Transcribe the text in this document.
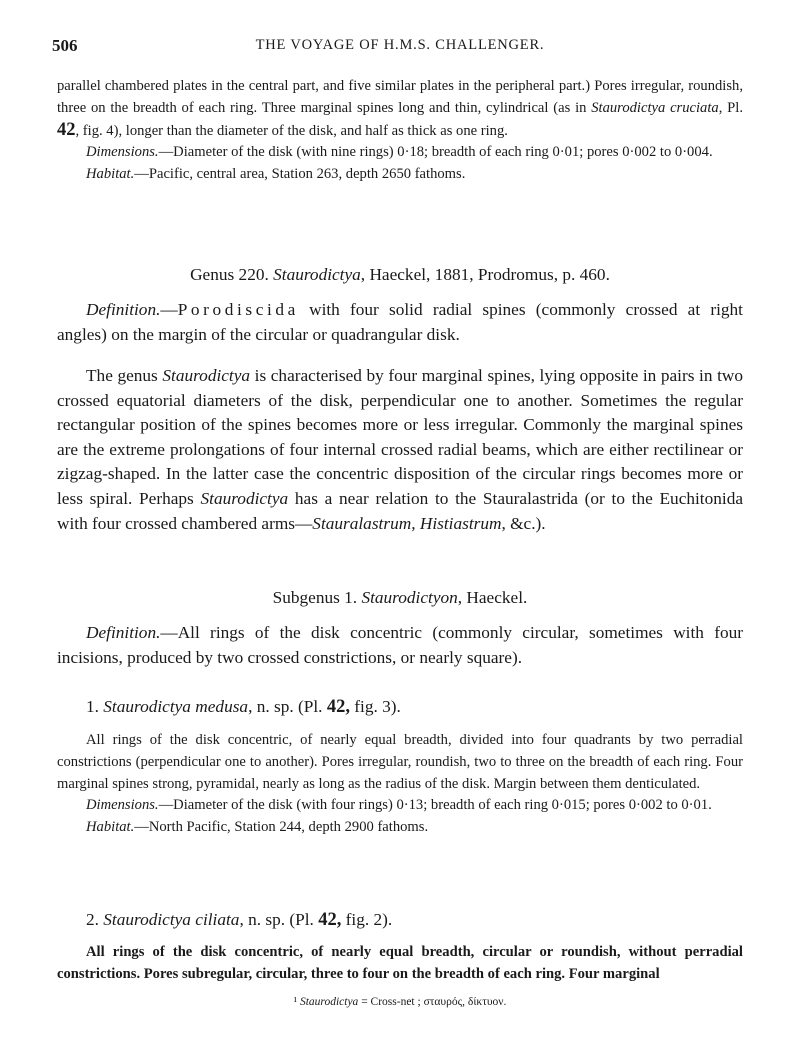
506	THE VOYAGE OF H.M.S. CHALLENGER.

parallel chambered plates in the central part, and five similar plates in the peripheral part.) Pores irregular, roundish, three on the breadth of each ring. Three marginal spines long and thin, cylindrical (as in Staurodictya cruciata, Pl. 42, fig. 4), longer than the diameter of the disk, and half as thick as one ring.

Dimensions.—Diameter of the disk (with nine rings) 0·18; breadth of each ring 0·01; pores 0·002 to 0·004.

Habitat.—Pacific, central area, Station 263, depth 2650 fathoms.

Genus 220. Staurodictya, Haeckel, 1881, Prodromus, p. 460.

Definition.—Porodiscida with four solid radial spines (commonly crossed at right angles) on the margin of the circular or quadrangular disk.

The genus Staurodictya is characterised by four marginal spines, lying opposite in pairs in two crossed equatorial diameters of the disk, perpendicular one to another. Sometimes the regular rectangular position of the spines becomes more or less irregular. Commonly the marginal spines are the extreme prolongations of four internal crossed radial beams, which are either rectilinear or zigzag-shaped. In the latter case the concentric disposition of the circular rings becomes more or less spiral. Perhaps Staurodictya has a near relation to the Stauralastrida (or to the Euchitonida with four crossed chambered arms—Stauralastrum, Histiastrum, &c.).

Subgenus 1. Staurodictyon, Haeckel.

Definition.—All rings of the disk concentric (commonly circular, sometimes with four incisions, produced by two crossed constrictions, or nearly square).

1. Staurodictya medusa, n. sp. (Pl. 42, fig. 3).

All rings of the disk concentric, of nearly equal breadth, divided into four quadrants by two perradial constrictions (perpendicular one to another). Pores irregular, roundish, two to three on the breadth of each ring. Four marginal spines strong, pyramidal, nearly as long as the radius of the disk. Margin between them denticulated.

Dimensions.—Diameter of the disk (with four rings) 0·13; breadth of each ring 0·015; pores 0·002 to 0·01.

Habitat.—North Pacific, Station 244, depth 2900 fathoms.

2. Staurodictya ciliata, n. sp. (Pl. 42, fig. 2).

All rings of the disk concentric, of nearly equal breadth, circular or roundish, without perradial constrictions. Pores subregular, circular, three to four on the breadth of each ring. Four marginal

¹ Staurodictya = Cross-net ; σταυρός, δίκτυον.
